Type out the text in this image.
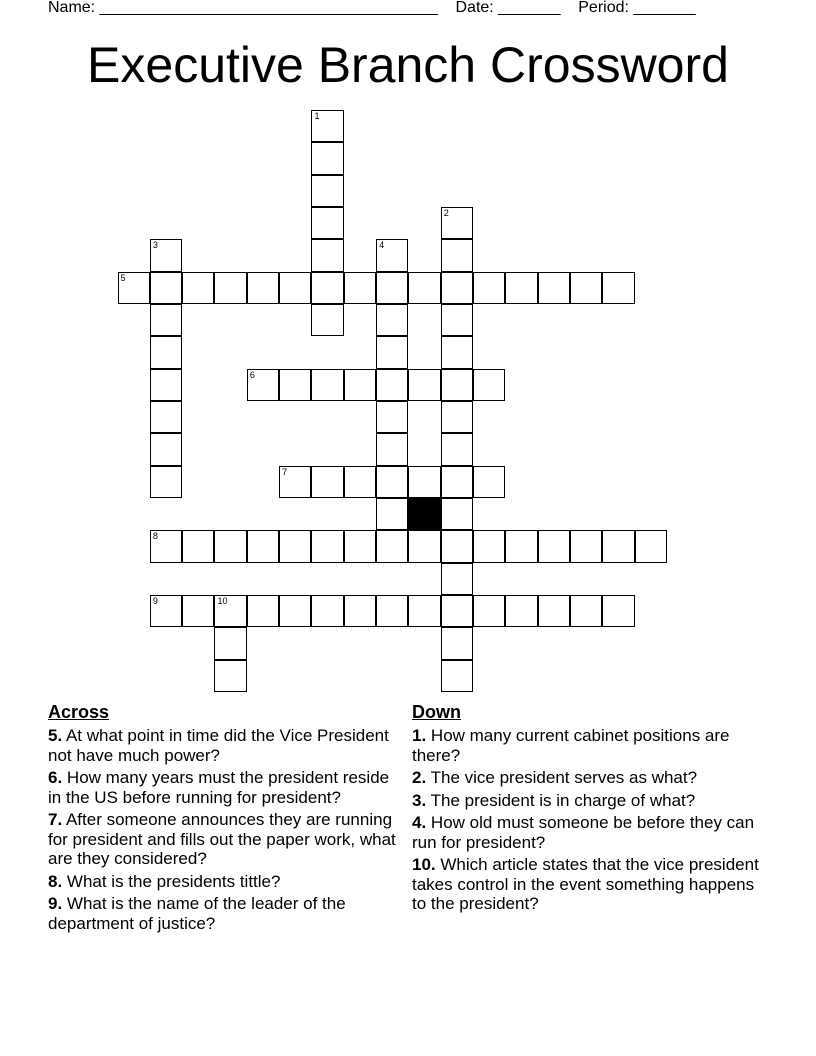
Name: ______________________________________    Date: _______    Period: _______
Executive Branch Crossword
1
2
3	4
5
6
7
8
9	10
Across
5. At what point in time did the Vice President not have much power?
6. How many years must the president reside in the US before running for president?
7. After someone announces they are running for president and fills out the paper work, what are they considered?
8. What is the presidents tittle?
9. What is the name of the leader of the department of justice?
Down
1. How many current cabinet positions are there?
2. The vice president serves as what?
3. The president is in charge of what?
4. How old must someone be before they can run for president?
10. Which article states that the vice president takes control in the event something happens to the president?
